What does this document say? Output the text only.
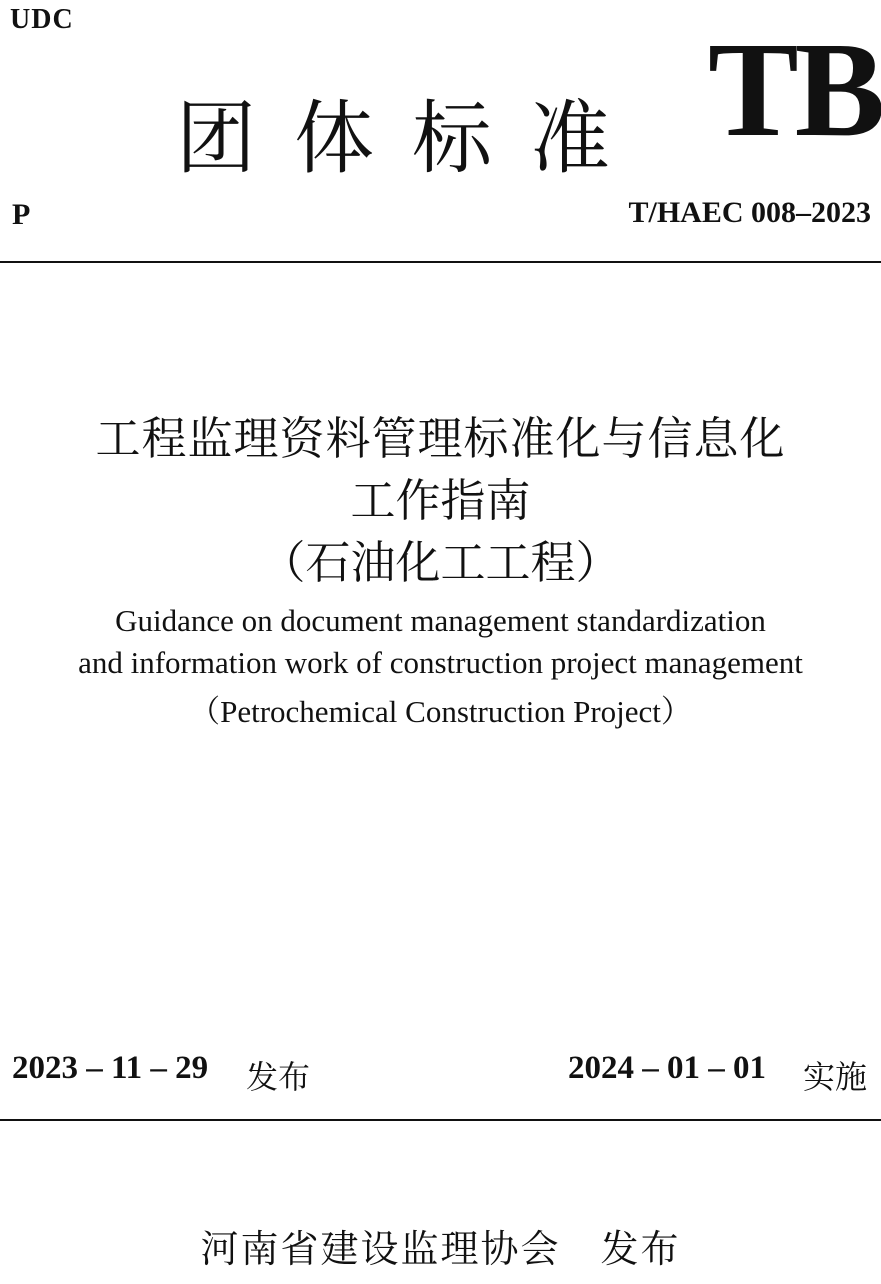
UDC
团体标准 TB
P	T/HAEC 008–2023
工程监理资料管理标准化与信息化
工作指南
（石油化工工程）
Guidance on document management standardization
and information work of construction project management
（Petrochemical Construction Project）
2023 – 11 – 29 发布	2024 – 01 – 01 实施
河南省建设监理协会　发布
